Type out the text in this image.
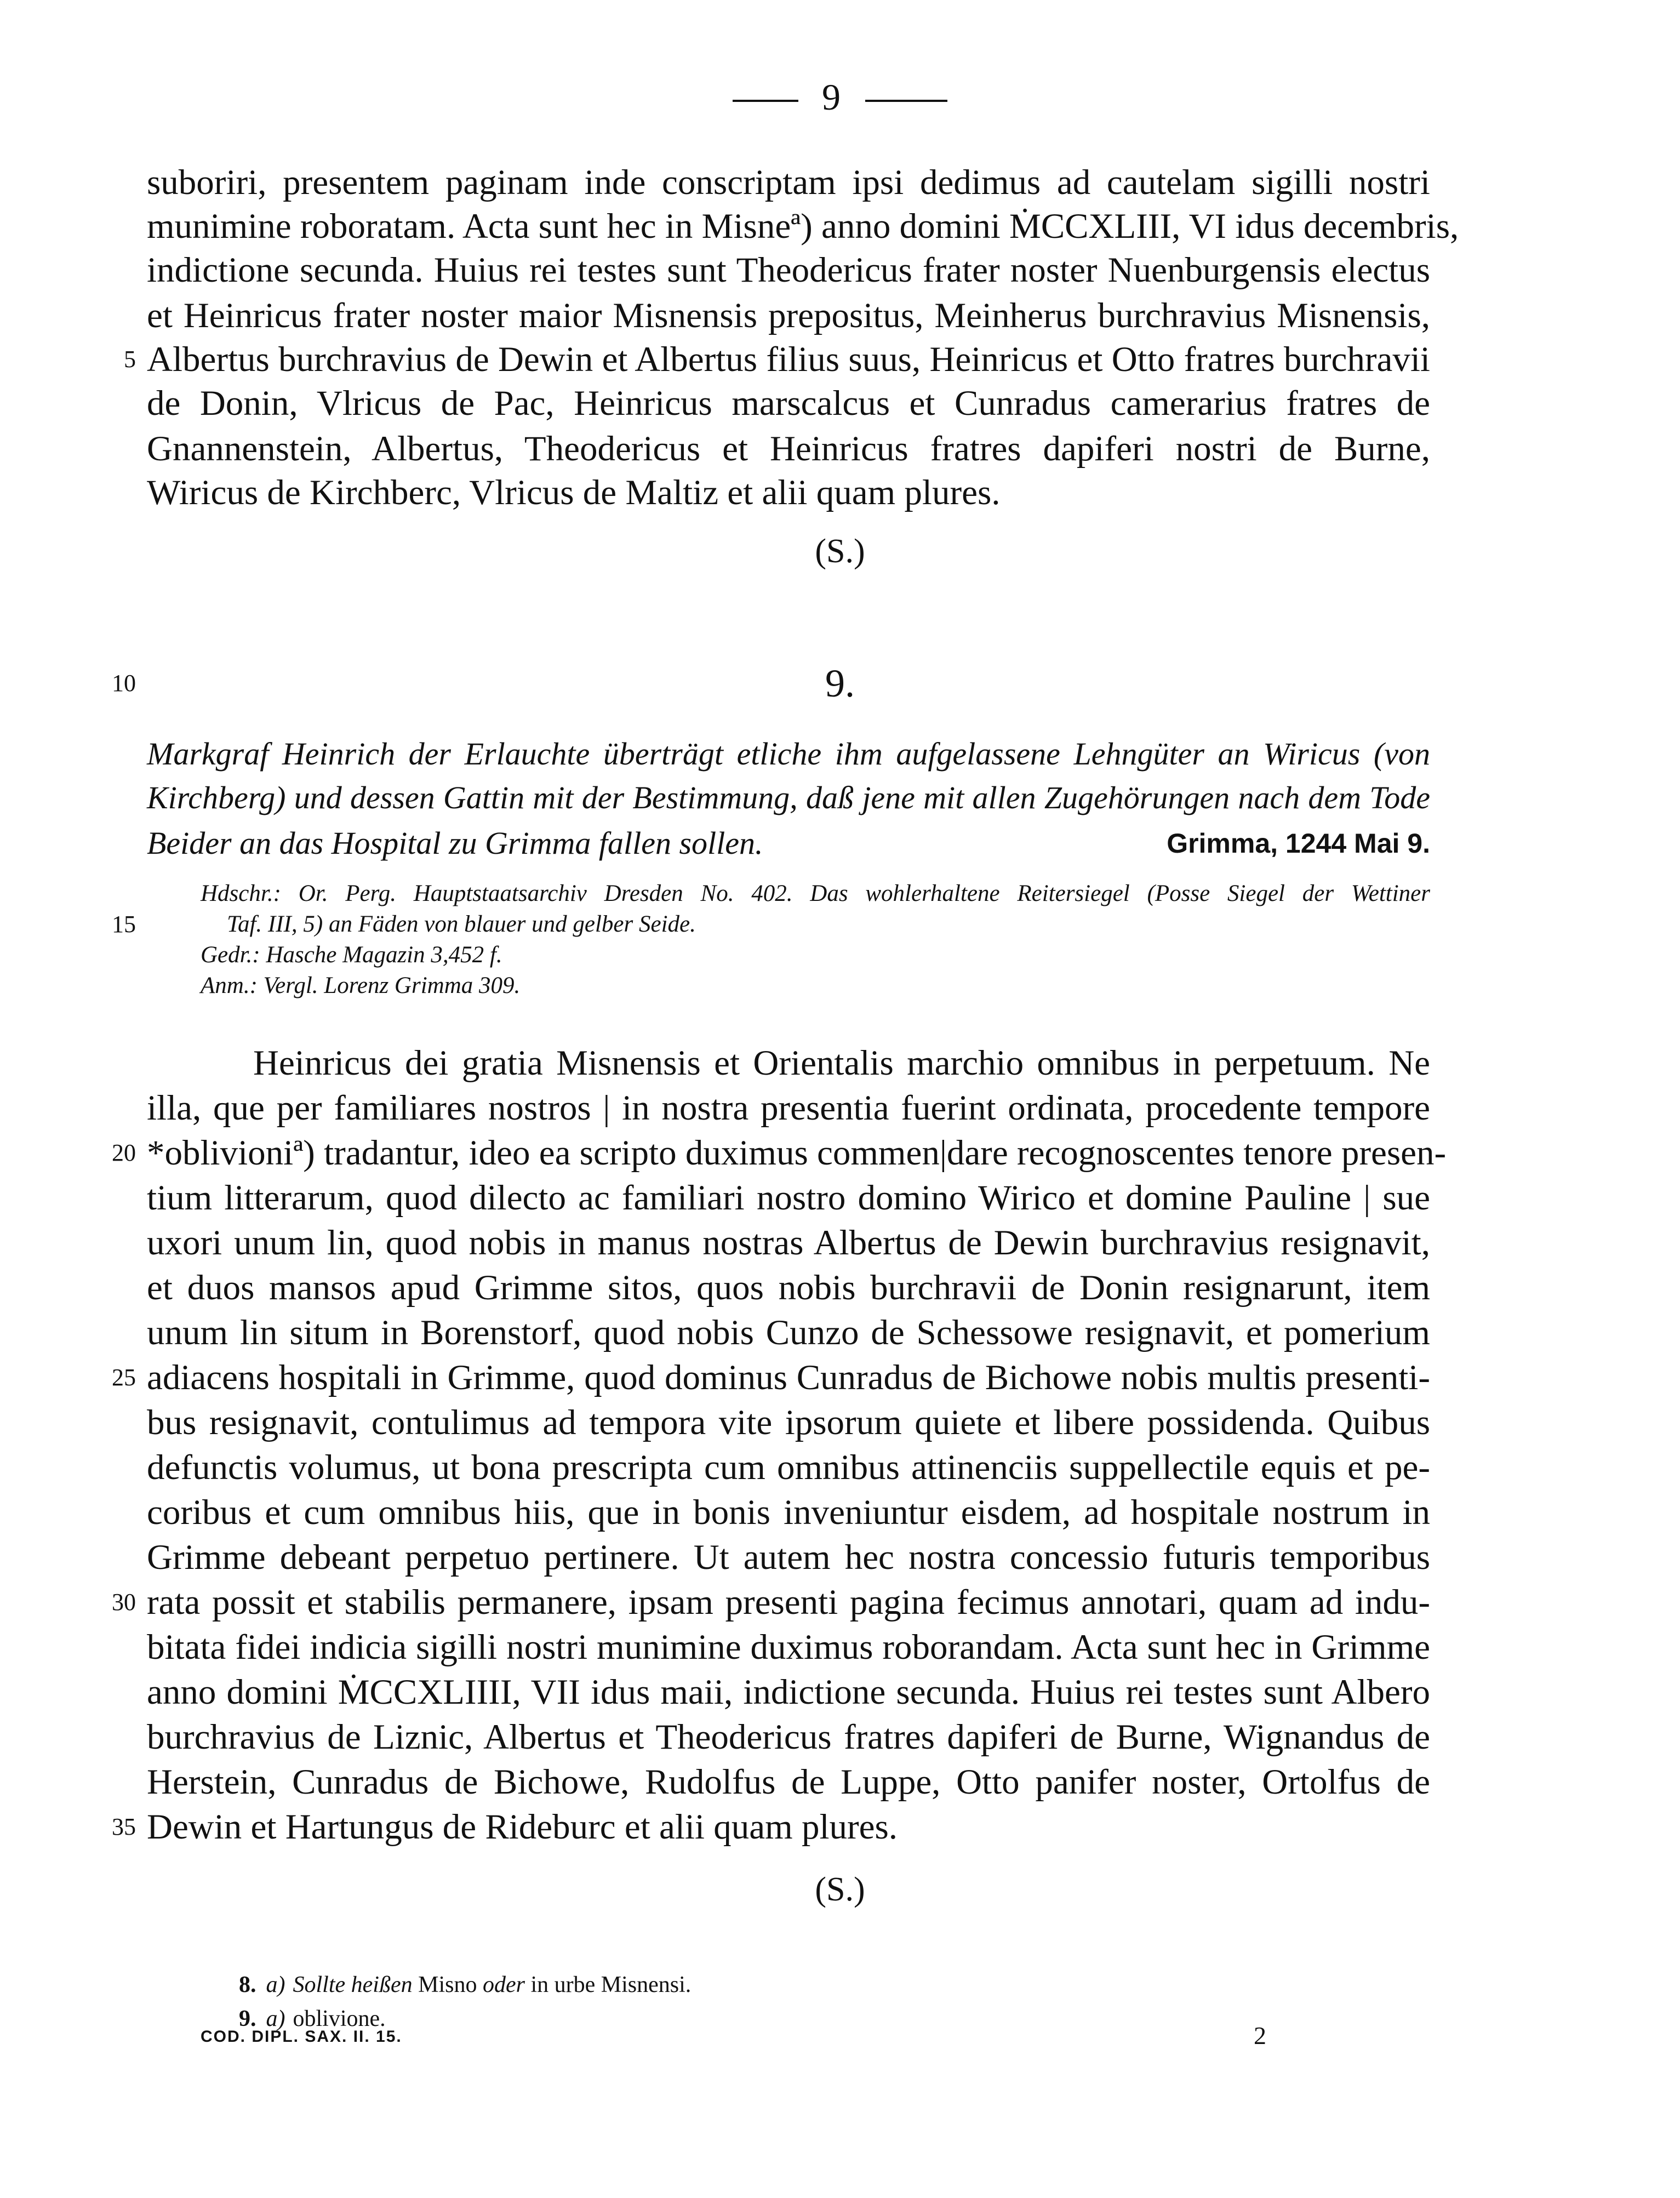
9
suboriri, presentem paginam inde conscriptam ipsi dedimus ad cautelam sigilli nostri
munimine roboratam. Acta sunt hec in Misneª) anno domini ṀCCXLIII, VI idus decembris,
indictione secunda. Huius rei testes sunt Theodericus frater noster Nuenburgensis electus
et Heinricus frater noster maior Misnensis prepositus, Meinherus burchravius Misnensis,
5 Albertus burchravius de Dewin et Albertus filius suus, Heinricus et Otto fratres burchravii
de Donin, Vlricus de Pac, Heinricus marscalcus et Cunradus camerarius fratres de
Gnannenstein, Albertus, Theodericus et Heinricus fratres dapiferi nostri de Burne,
Wiricus de Kirchberc, Vlricus de Maltiz et alii quam plures.
(S.)
10	9.
Markgraf Heinrich der Erlauchte überträgt etliche ihm aufgelassene Lehngüter an Wiricus (von
Kirchberg) und dessen Gattin mit der Bestimmung, daß jene mit allen Zugehörungen nach dem Tode
Beider an das Hospital zu Grimma fallen sollen.	Grimma, 1244 Mai 9.
Hdschr.: Or. Perg. Hauptstaatsarchiv Dresden No. 402. Das wohlerhaltene Reitersiegel (Posse Siegel der Wettiner
15	Taf. III, 5) an Fäden von blauer und gelber Seide.
Gedr.: Hasche Magazin 3,452 f.
Anm.: Vergl. Lorenz Grimma 309.
Heinricus dei gratia Misnensis et Orientalis marchio omnibus in perpetuum. Ne
illa, que per familiares nostros | in nostra presentia fuerint ordinata, procedente tempore
20 *oblivioniª) tradantur, ideo ea scripto duximus commen|dare recognoscentes tenore presen-
tium litterarum, quod dilecto ac familiari nostro domino Wirico et domine Pauline | sue
uxori unum lin, quod nobis in manus nostras Albertus de Dewin burchravius resignavit,
et duos mansos apud Grimme sitos, quos nobis burchravii de Donin resignarunt, item
unum lin situm in Borenstorf, quod nobis Cunzo de Schessowe resignavit, et pomerium
25 adiacens hospitali in Grimme, quod dominus Cunradus de Bichowe nobis multis presenti-
bus resignavit, contulimus ad tempora vite ipsorum quiete et libere possidenda. Quibus
defunctis volumus, ut bona prescripta cum omnibus attinenciis suppellectile equis et pe-
coribus et cum omnibus hiis, que in bonis inveniuntur eisdem, ad hospitale nostrum in
Grimme debeant perpetuo pertinere. Ut autem hec nostra concessio futuris temporibus
30 rata possit et stabilis permanere, ipsam presenti pagina fecimus annotari, quam ad indu-
bitata fidei indicia sigilli nostri munimine duximus roborandam. Acta sunt hec in Grimme
anno domini ṀCCXLIIII, VII idus maii, indictione secunda. Huius rei testes sunt Albero
burchravius de Liznic, Albertus et Theodericus fratres dapiferi de Burne, Wignandus de
Herstein, Cunradus de Bichowe, Rudolfus de Luppe, Otto panifer noster, Ortolfus de
35 Dewin et Hartungus de Rideburc et alii quam plures.
(S.)
8. a) Sollte heißen Misno oder in urbe Misnensi.
9. a) oblivione.
COD. DIPL. SAX. II. 15.	2
